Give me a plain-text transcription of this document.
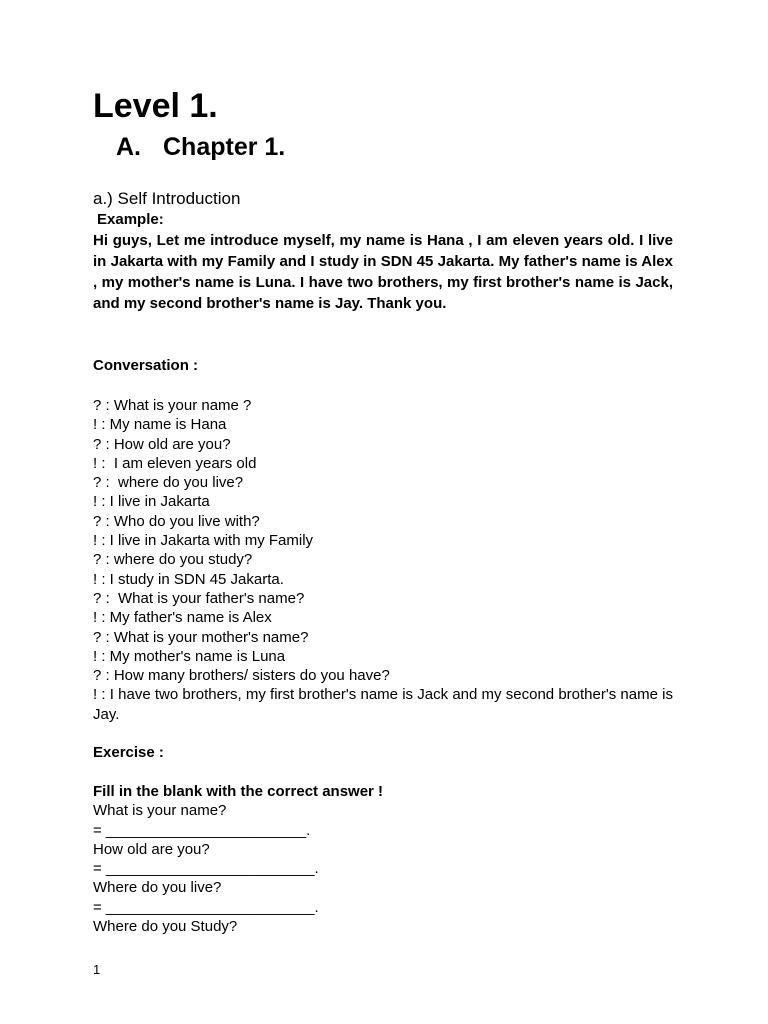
Level 1.
A. Chapter 1.
a.) Self Introduction
Example:
Hi guys, Let me introduce myself, my name is Hana , I am eleven years old. I live in Jakarta with my Family and I study in SDN 45 Jakarta. My father's name is Alex , my mother's name is Luna. I have two brothers, my first brother's name is Jack, and my second brother's name is Jay. Thank you.
Conversation :
? : What is your name ?
! : My name is Hana
? : How old are you?
! :  I am eleven years old
? :  where do you live?
! : I live in Jakarta
? : Who do you live with?
! : I live in Jakarta with my Family
? : where do you study?
! : I study in SDN 45 Jakarta.
? :  What is your father's name?
! : My father's name is Alex
? : What is your mother's name?
! : My mother's name is Luna
? : How many brothers/ sisters do you have?
! : I have two brothers, my first brother's name is Jack and my second brother's name is Jay.
Exercise :
Fill in the blank with the correct answer !
What is your name?
= ________________________.
How old are you?
= _________________________.
Where do you live?
= _________________________.
Where do you Study?
1
